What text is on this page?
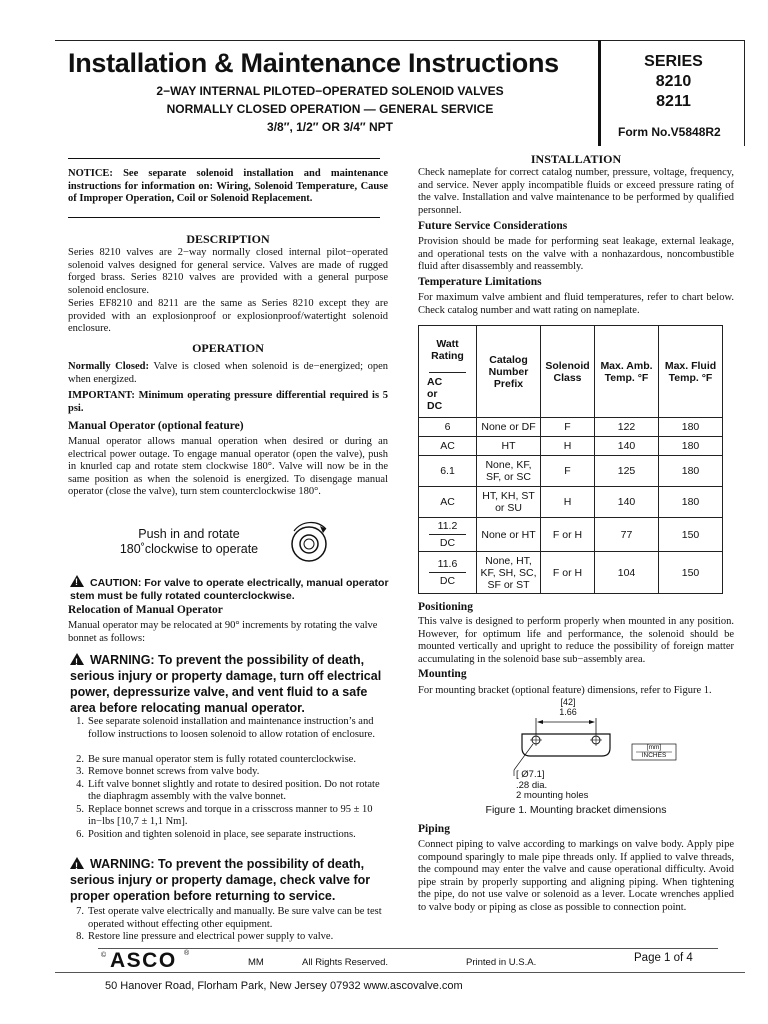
Installation & Maintenance Instructions
2−WAY INTERNAL PILOTED−OPERATED SOLENOID VALVES
NORMALLY CLOSED OPERATION — GENERAL SERVICE
3/8″, 1/2″ OR 3/4″ NPT
SERIES
8210
8211
Form No.V5848R2
NOTICE: See separate solenoid installation and maintenance instructions for information on: Wiring, Solenoid Temperature, Cause of Improper Operation, Coil or Solenoid Replacement.
DESCRIPTION
Series 8210 valves are 2−way normally closed internal pilot−operated solenoid valves designed for general service. Valves are made of rugged forged brass. Series 8210 valves are provided with a general purpose solenoid enclosure.
Series EF8210 and 8211 are the same as Series 8210 except they are provided with an explosionproof or explosionproof/watertight solenoid enclosure.
OPERATION
Normally Closed: Valve is closed when solenoid is de−energized; open when energized.
IMPORTANT: Minimum operating pressure differential required is 5 psi.
Manual Operator (optional feature)
Manual operator allows manual operation when desired or during an electrical power outage. To engage manual operator (open the valve), push in knurled cap and rotate stem clockwise 180°. Valve will now be in the same position as when the solenoid is energized. To disengage manual operator (close the valve), turn stem counterclockwise 180°.
Push in and rotate
180˚clockwise to operate
!CAUTION: For valve to operate electrically, manual operator stem must be fully rotated counterclockwise.
Relocation of Manual Operator
Manual operator may be relocated at 90° increments by rotating the valve bonnet as follows:
!WARNING: To prevent the possibility of death, serious injury or property damage, turn off electrical power, depressurize valve, and vent fluid to a safe area before relocating manual operator.
1. See separate solenoid installation and maintenance instruction’s and follow instructions to loosen solenoid to allow rotation of enclosure.
2. Be sure manual operator stem is fully rotated counterclockwise.
3. Remove bonnet screws from valve body.
4. Lift valve bonnet slightly and rotate to desired position. Do not rotate the diaphragm assembly with the valve bonnet.
5. Replace bonnet screws and torque in a crisscross manner to 95 ± 10 in−lbs [10,7 ± 1,1 Nm].
6. Position and tighten solenoid in place, see separate instructions.
!WARNING: To prevent the possibility of death, serious injury or property damage, check valve for proper operation before returning to service.
7. Test operate valve electrically and manually. Be sure valve can be test operated without effecting other equipment.
8. Restore line pressure and electrical power supply to valve.
INSTALLATION
Check nameplate for correct catalog number, pressure, voltage, frequency, and service. Never apply incompatible fluids or exceed pressure rating of the valve. Installation and valve maintenance to be performed by qualified personnel.
Future Service Considerations
Provision should be made for performing seat leakage, external leakage, and operational tests on the valve with a nonhazardous, noncombustible fluid after disassembly and reassembly.
Temperature Limitations
For maximum valve ambient and fluid temperatures, refer to chart below. Check catalog number and watt rating on nameplate.
Watt
Rating
AC
or
DC	Catalog Number Prefix	Solenoid Class	Max. Amb. Temp. °F	Max. Fluid Temp. °F
6	None or DF	F	122	180
AC	HT	H	140	180
6.1	None, KF, SF, or SC	F	125	180
AC	HT, KH, ST or SU	H	140	180

11.2
DC	None or HT	F or H	77	150

11.6
DC	None, HT, KF, SH, SC, SF or ST	F or H	104	150
Positioning
This valve is designed to perform properly when mounted in any position. However, for optimum life and performance, the solenoid should be mounted vertically and upright to reduce the possibility of foreign matter accumulating in the solenoid base sub−assembly area.
Mounting
For mounting bracket (optional feature) dimensions, refer to Figure 1.
[42]
1.66
[mm]
INCHES
[ Ø7.1]
.28 dia.
2 mounting holes
Figure 1. Mounting bracket dimensions
Piping
Connect piping to valve according to markings on valve body. Apply pipe compound sparingly to male pipe threads only. If applied to valve threads, the compound may enter the valve and cause operational difficulty. Avoid pipe strain by properly supporting and aligning piping. When tightening the pipe, do not use valve or solenoid as a lever. Locate wrenches applied to valve body or piping as close as possible to connection point.
© ASCO ®
MM	All Rights Reserved.	Printed in U.S.A.	Page 1 of 4
50 Hanover Road, Florham Park, New Jersey 07932 www.ascovalve.com
